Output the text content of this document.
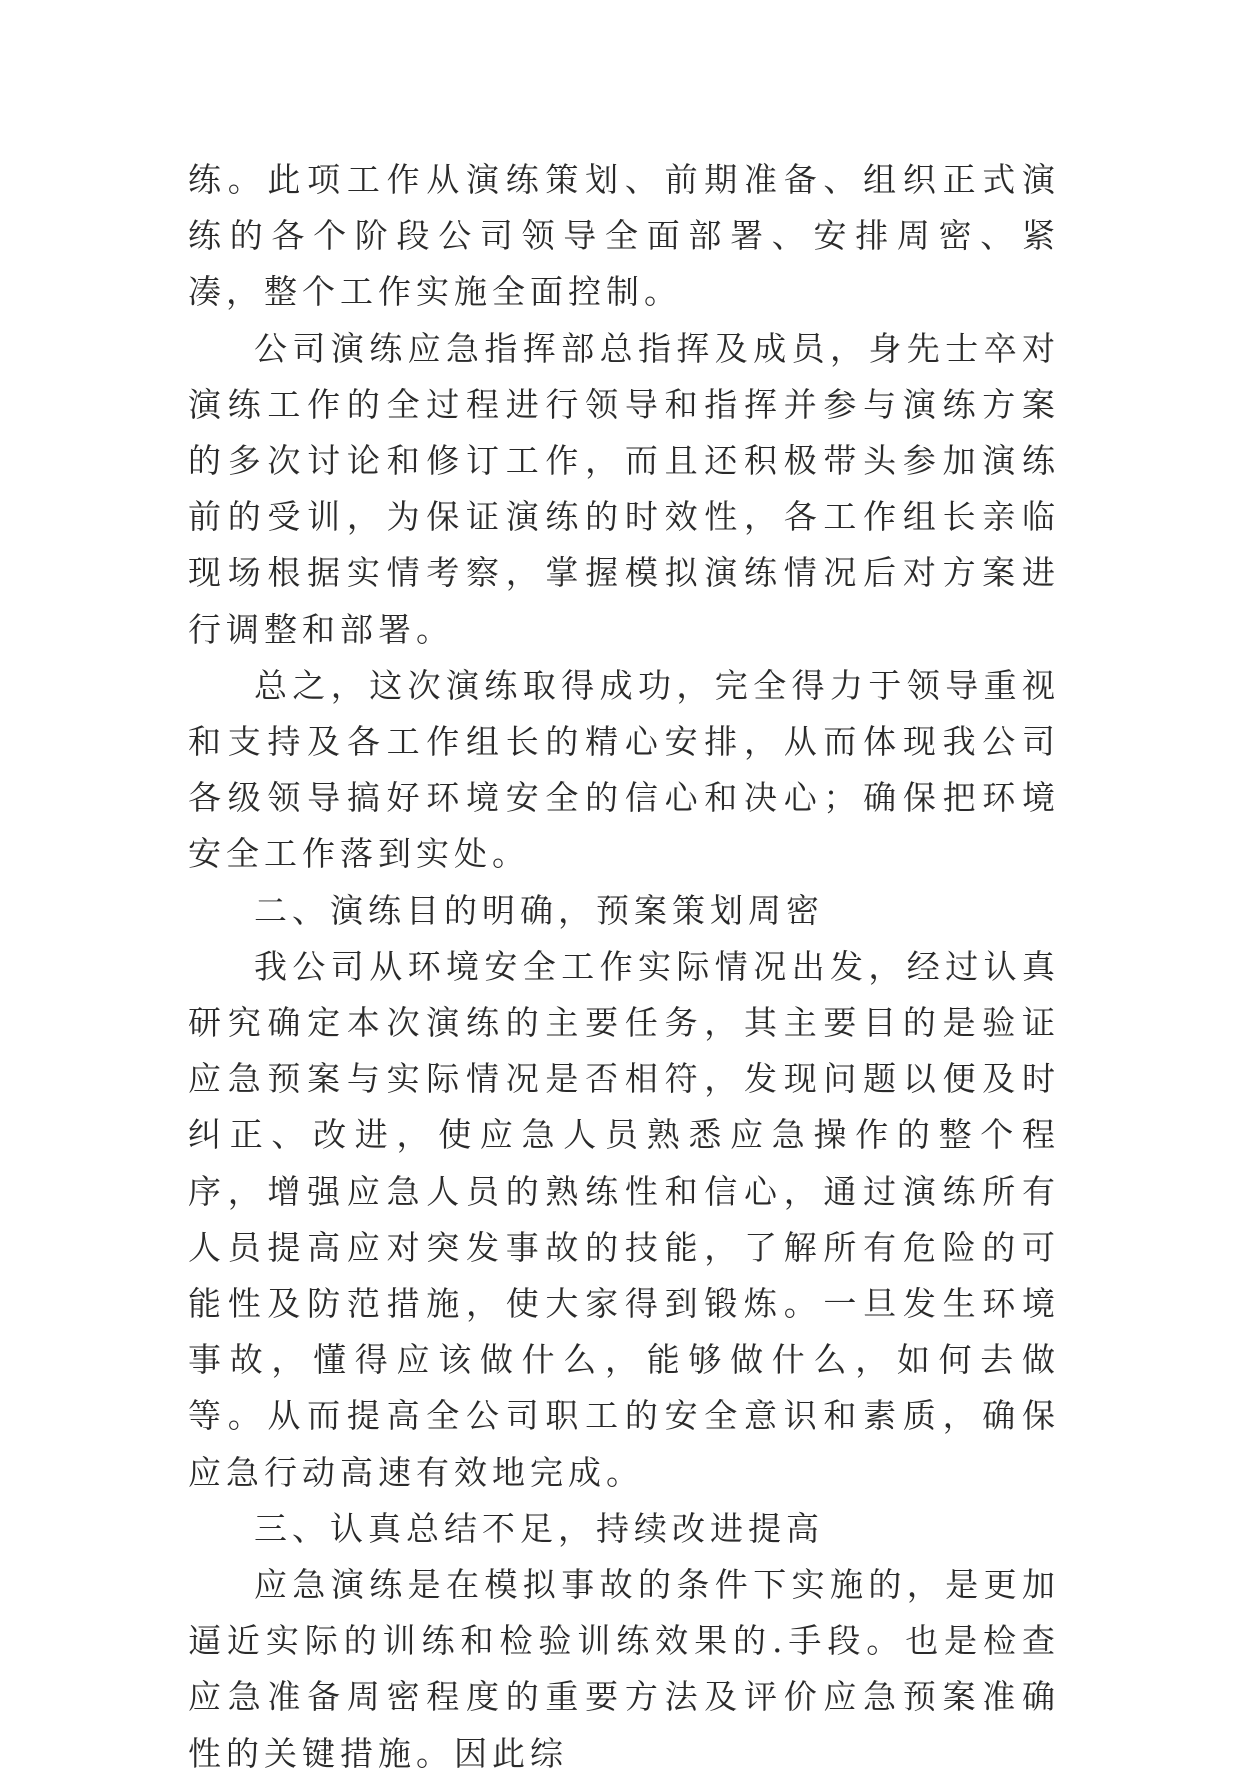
练。此项工作从演练策划、前期准备、组织正式演练的各个阶段公司领导全面部署、安排周密、紧凑，整个工作实施全面控制。

公司演练应急指挥部总指挥及成员，身先士卒对演练工作的全过程进行领导和指挥并参与演练方案的多次讨论和修订工作，而且还积极带头参加演练前的受训，为保证演练的时效性，各工作组长亲临现场根据实情考察，掌握模拟演练情况后对方案进行调整和部署。

总之，这次演练取得成功，完全得力于领导重视和支持及各工作组长的精心安排，从而体现我公司各级领导搞好环境安全的信心和决心；确保把环境安全工作落到实处。

二、演练目的明确，预案策划周密

我公司从环境安全工作实际情况出发，经过认真研究确定本次演练的主要任务，其主要目的是验证应急预案与实际情况是否相符，发现问题以便及时纠正、改进，使应急人员熟悉应急操作的整个程序，增强应急人员的熟练性和信心，通过演练所有人员提高应对突发事故的技能，了解所有危险的可能性及防范措施，使大家得到锻炼。一旦发生环境事故，懂得应该做什么，能够做什么，如何去做等。从而提高全公司职工的安全意识和素质，确保应急行动高速有效地完成。

三、认真总结不足，持续改进提高

应急演练是在模拟事故的条件下实施的，是更加逼近实际的训练和检验训练效果的.手段。也是检查应急准备周密程度的重要方法及评价应急预案准确性的关键措施。因此综
